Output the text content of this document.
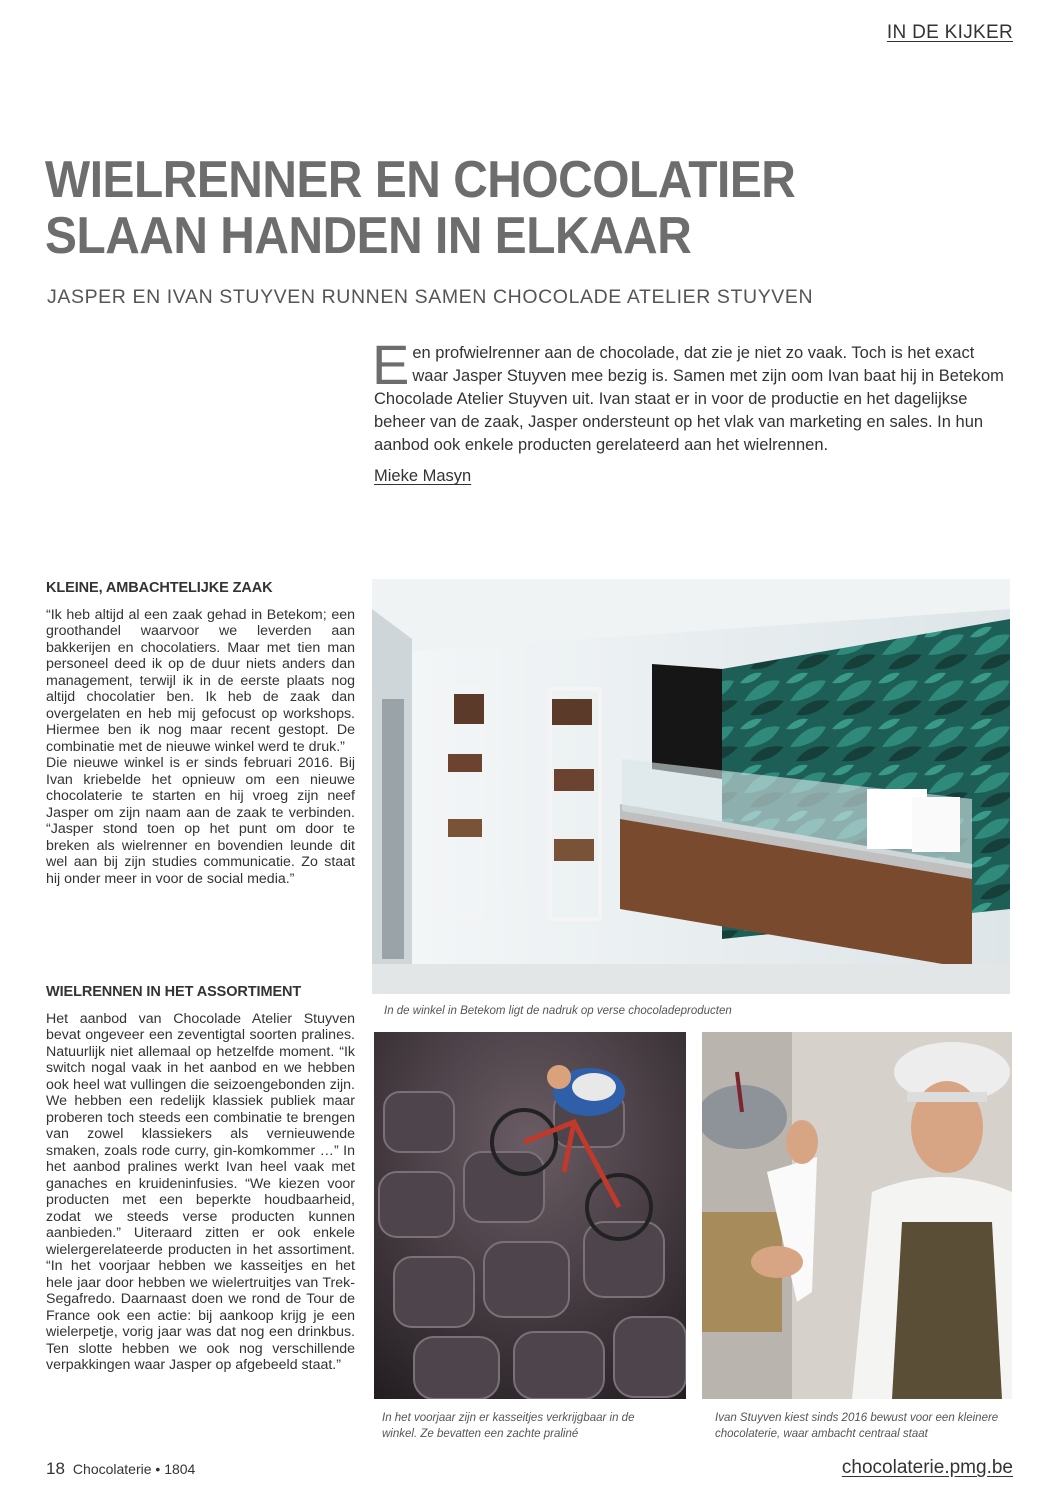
IN DE KIJKER
WIELRENNER EN CHOCOLATIER
SLAAN HANDEN IN ELKAAR
JASPER EN IVAN STUYVEN RUNNEN SAMEN CHOCOLADE ATELIER STUYVEN
E en profwielrenner aan de chocolade, dat zie je niet zo vaak. Toch is het exact waar Jasper Stuyven mee bezig is. Samen met zijn oom Ivan baat hij in Betekom Chocolade Atelier Stuyven uit. Ivan staat er in voor de productie en het dagelijkse beheer van de zaak, Jasper ondersteunt op het vlak van marketing en sales. In hun aanbod ook enkele producten gerelateerd aan het wielrennen.

Mieke Masyn
KLEINE, AMBACHTELIJKE ZAAK

“Ik heb altijd al een zaak gehad in Betekom; een groothandel waarvoor we leverden aan bakkerijen en chocolatiers. Maar met tien man personeel deed ik op de duur niets anders dan management, terwijl ik in de eerste plaats nog altijd chocolatier ben. Ik heb de zaak dan overgelaten en heb mij gefocust op workshops. Hiermee ben ik nog maar recent gestopt. De combinatie met de nieuwe winkel werd te druk.”

Die nieuwe winkel is er sinds februari 2016. Bij Ivan kriebelde het opnieuw om een nieuwe chocolaterie te starten en hij vroeg zijn neef Jasper om zijn naam aan de zaak te verbinden. “Jasper stond toen op het punt om door te breken als wielrenner en bovendien leunde dit wel aan bij zijn studies communicatie. Zo staat hij onder meer in voor de social media.”

WIELRENNEN IN HET ASSORTIMENT

Het aanbod van Chocolade Atelier Stuyven bevat ongeveer een zeventigtal soorten pralines. Natuurlijk niet allemaal op hetzelfde moment. “Ik switch nogal vaak in het aanbod en we hebben ook heel wat vullingen die seizoengebonden zijn. We hebben een redelijk klassiek publiek maar proberen toch steeds een combinatie te brengen van zowel klassiekers als vernieuwende smaken, zoals rode curry, gin-komkommer …” In het aanbod pralines werkt Ivan heel vaak met ganaches en kruideninfusies. “We kiezen voor producten met een beperkte houdbaarheid, zodat we steeds verse producten kunnen aanbieden.” Uiteraard zitten er ook enkele wielergerelateerde producten in het assortiment. “In het voorjaar hebben we kasseitjes en het hele jaar door hebben we wielertruitjes van Trek-Segafredo. Daarnaast doen we rond de Tour de France ook een actie: bij aankoop krijg je een wielerpetje, vorig jaar was dat nog een drinkbus. Ten slotte hebben we ook nog verschillende verpakkingen waar Jasper op afgebeeld staat.”

In de winkel in Betekom ligt de nadruk op verse chocoladeproducten
In het voorjaar zijn er kasseitjes verkrijgbaar in de winkel. Ze bevatten een zachte praliné
Ivan Stuyven kiest sinds 2016 bewust voor een kleinere chocolaterie, waar ambacht centraal staat
18 Chocolaterie • 1804	chocolaterie.pmg.be
